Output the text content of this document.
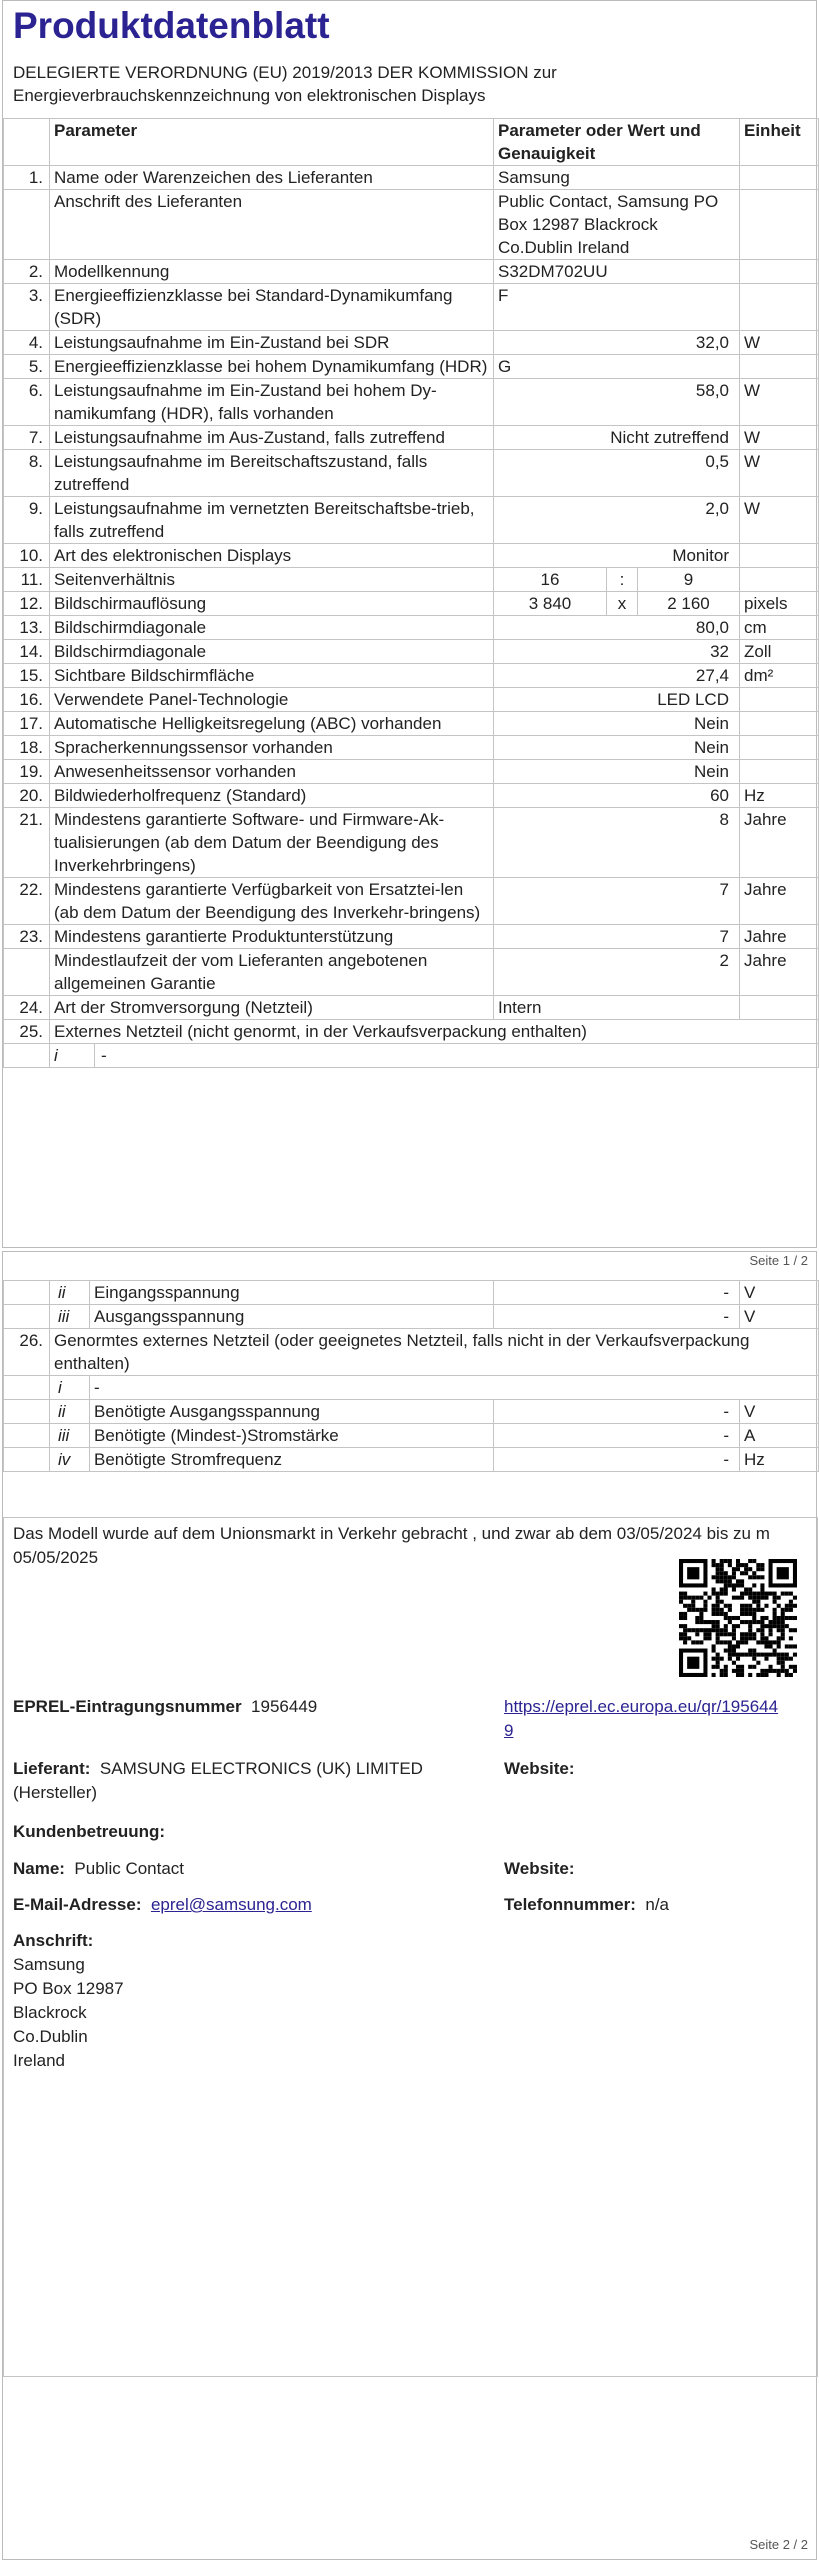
Produktdatenblatt
DELEGIERTE VERORDNUNG (EU) 2019/2013 DER KOMMISSION zur Energieverbrauchskennzeichnung von elektronischen Displays
	Parameter	Parameter oder Wert und Genauigkeit	Einheit
1.	Name oder Warenzeichen des Lieferanten	Samsung	
	Anschrift des Lieferanten	Public Contact, Samsung PO Box 12987 Blackrock Co.Dublin Ireland	
2.	Modellkennung	S32DM702UU	
3.	Energieeffizienzklasse bei Standard-Dynamikumfang (SDR)	F	
4.	Leistungsaufnahme im Ein-Zustand bei SDR	32,0	W
5.	Energieeffizienzklasse bei hohem Dynamikumfang (HDR)	G	
6.	Leistungsaufnahme im Ein-Zustand bei hohem Dy-namikumfang (HDR), falls vorhanden	58,0	W
7.	Leistungsaufnahme im Aus-Zustand, falls zutreffend	Nicht zutreffend	W
8.	Leistungsaufnahme im Bereitschaftszustand, falls zutreffend	0,5	W
9.	Leistungsaufnahme im vernetzten Bereitschaftsbe-trieb, falls zutreffend	2,0	W
10.	Art des elektronischen Displays	Monitor	
11.	Seitenverhältnis	16 : 9	

12.	Bildschirmauflösung	3 840 x 2 160	pixels
13.	Bildschirmdiagonale	80,0	cm
14.	Bildschirmdiagonale	32	Zoll
15.	Sichtbare Bildschirmfläche	27,4	dm²
16.	Verwendete Panel-Technologie	LED LCD	
17.	Automatische Helligkeitsregelung (ABC) vorhanden	Nein	
18.	Spracherkennungssensor vorhanden	Nein	
19.	Anwesenheitssensor vorhanden	Nein	
20.	Bildwiederholfrequenz (Standard)	60	Hz
21.	Mindestens garantierte Software- und Firmware-Ak-tualisierungen (ab dem Datum der Beendigung des Inverkehrbringens)	8	Jahre
22.	Mindestens garantierte Verfügbarkeit von Ersatztei-len (ab dem Datum der Beendigung des Inverkehr-bringens)	7	Jahre
23.	Mindestens garantierte Produktunterstützung	7	Jahre
	Mindestlaufzeit der vom Lieferanten angebotenen allgemeinen Garantie	2	Jahre
24.	Art der Stromversorgung (Netzteil)	Intern	
25.	Externes Netzteil (nicht genormt, in der Verkaufsverpackung enthalten)		

	i -		
Seite 1 / 2
	ii	Eingangsspannung	-	V
	iii	Ausgangsspannung	-	V
26.	Genormtes externes Netzteil (oder geeignetes Netzteil, falls nicht in der Verkaufsverpackung enthalten)			
	i	-		
	ii	Benötigte Ausgangsspannung	-	V
	iii	Benötigte (Mindest-)Stromstärke	-	A
	iv	Benötigte Stromfrequenz	-	Hz
Das Modell wurde auf dem Unionsmarkt in Verkehr gebracht , und zwar ab dem 03/05/2024 bis zu m 05/05/2025
EPREL-Eintragungsnummer 1956449	https://eprel.ec.europa.eu/qr/1956449
Lieferant: SAMSUNG ELECTRONICS (UK) LIMITED (Hersteller)
Website:
Kundenbetreuung:
Name: Public Contact	Website:
E-Mail-Adresse: eprel@samsung.com	Telefonnummer: n/a
Anschrift:
Samsung
PO Box 12987
Blackrock
Co.Dublin
Ireland
Seite 2 / 2
